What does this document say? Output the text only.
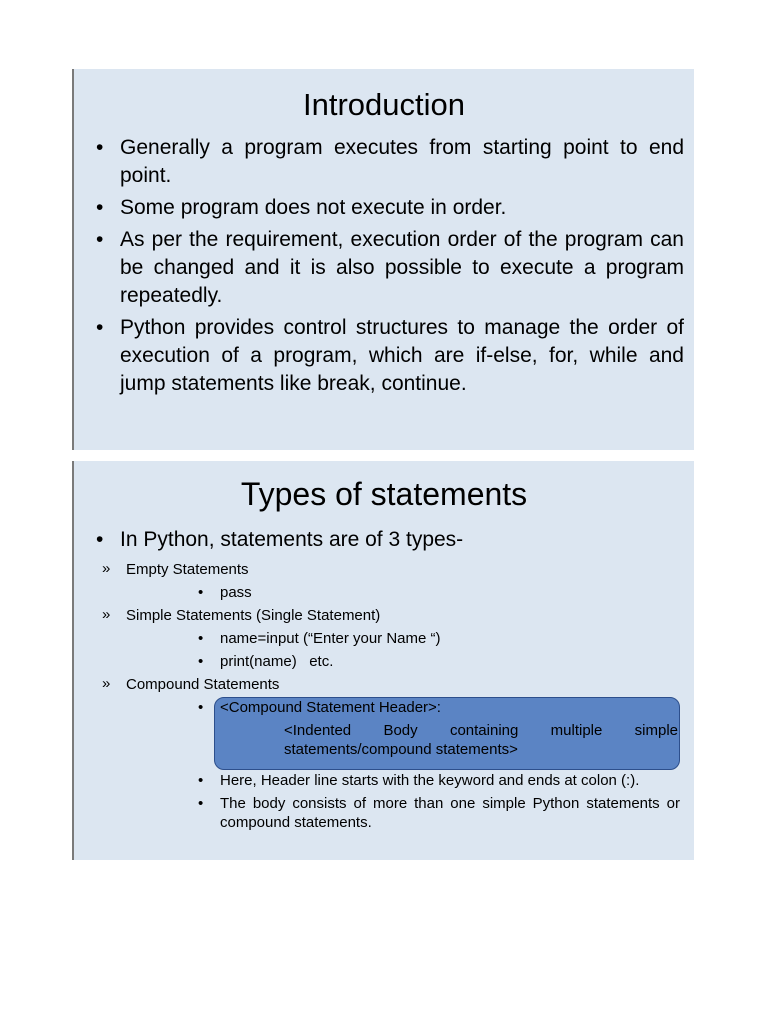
Introduction
• Generally a program executes from starting point to end point.
• Some program does not execute in order.
• As per the requirement, execution order of the program can be changed and it is also possible to execute a program repeatedly.
• Python provides control structures to manage the order of execution of a program, which are if-else, for, while and jump statements like break, continue.
Types of statements
• In Python, statements are of 3 types-
» Empty Statements
• pass
» Simple Statements (Single Statement)
• name=input (“Enter your Name “)
• print(name)   etc.
» Compound Statements
• <Compound Statement Header>:
<Indented Body containing multiple simple statements/compound statements>
• Here, Header line starts with the keyword and ends at colon (:).
• The body consists of more than one simple Python statements or compound statements.
